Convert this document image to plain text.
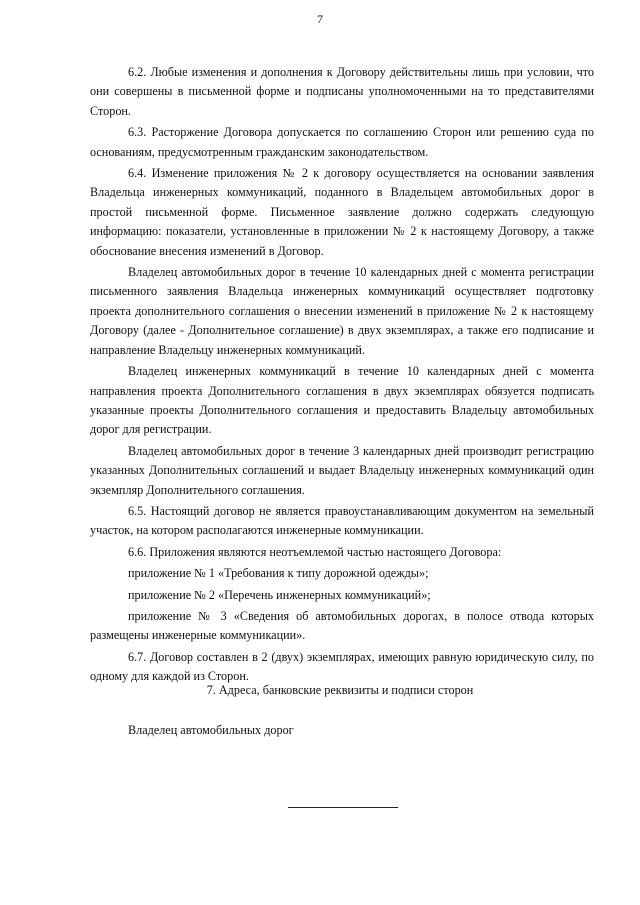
7

6.2. Любые изменения и дополнения к Договору действительны лишь при условии, что они совершены в письменной форме и подписаны уполномоченными на то представителями Сторон.

6.3. Расторжение Договора допускается по соглашению Сторон или решению суда по основаниям, предусмотренным гражданским законодательством.

6.4. Изменение приложения № 2 к договору осуществляется на основании заявления Владельца инженерных коммуникаций, поданного в Владельцем автомобильных дорог в простой письменной форме. Письменное заявление должно содержать следующую информацию: показатели, установленные в приложении № 2 к настоящему Договору, а также обоснование внесения изменений в Договор.

Владелец автомобильных дорог в течение 10 календарных дней с момента регистрации письменного заявления Владельца инженерных коммуникаций осуществляет подготовку проекта дополнительного соглашения о внесении изменений в приложение № 2 к настоящему Договору (далее - Дополнительное соглашение) в двух экземплярах, а также его подписание и направление Владельцу инженерных коммуникаций.

Владелец инженерных коммуникаций в течение 10 календарных дней с момента направления проекта Дополнительного соглашения в двух экземплярах обязуется подписать указанные проекты Дополнительного соглашения и предоставить Владельцу автомобильных дорог для регистрации.

Владелец автомобильных дорог в течение 3 календарных дней производит регистрацию указанных Дополнительных соглашений и выдает Владельцу инженерных коммуникаций один экземпляр Дополнительного соглашения.

6.5. Настоящий договор не является правоустанавливающим документом на земельный участок, на котором располагаются инженерные коммуникации.

6.6. Приложения являются неотъемлемой частью настоящего Договора:

приложение № 1 «Требования к типу дорожной одежды»;

приложение № 2 «Перечень инженерных коммуникаций»;

приложение № 3 «Сведения об автомобильных дорогах, в полосе отвода которых размещены инженерные коммуникации».

6.7. Договор составлен в 2 (двух) экземплярах, имеющих равную юридическую силу, по одному для каждой из Сторон.

7. Адреса, банковские реквизиты и подписи сторон
Владелец автомобильных дорог
